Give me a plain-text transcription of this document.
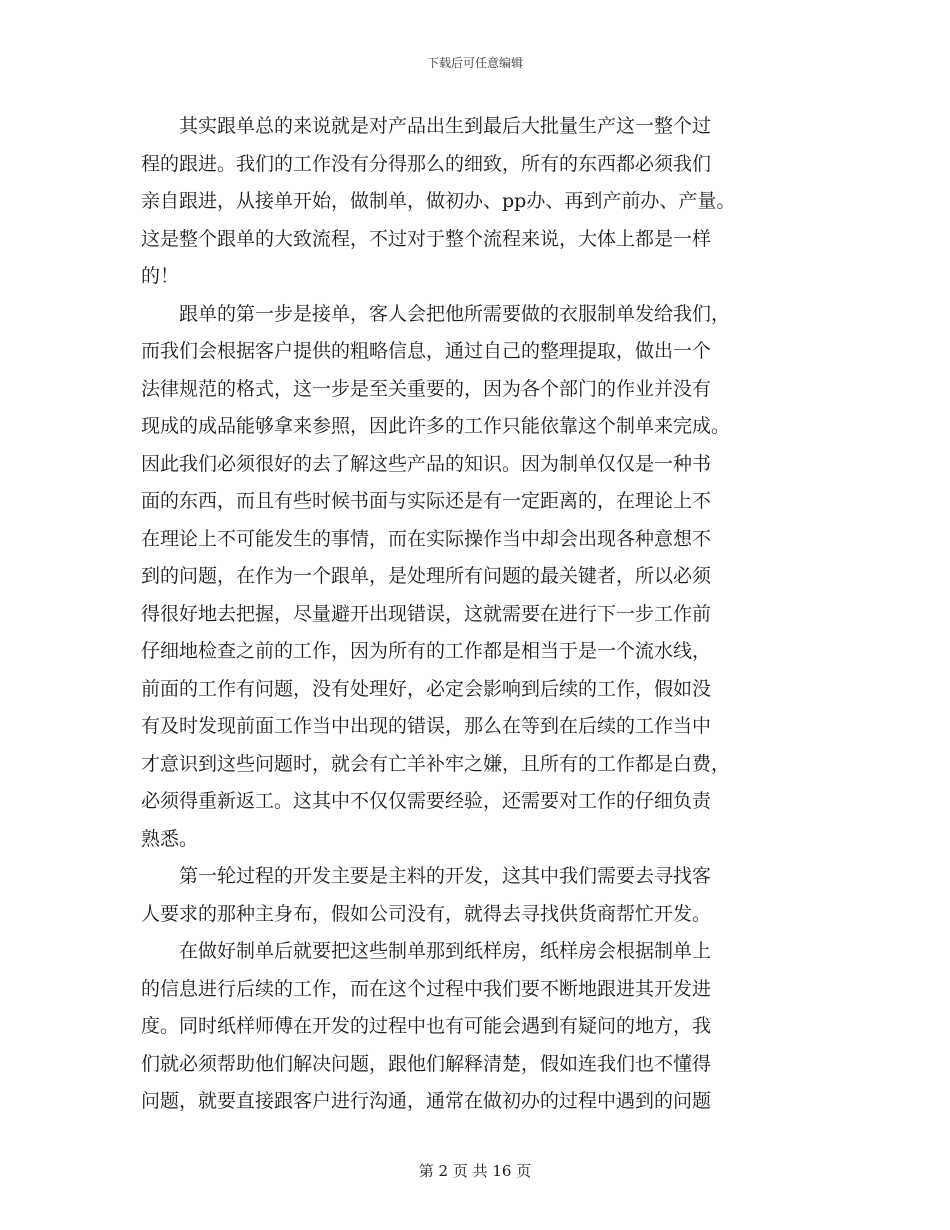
下载后可任意编辑
　　其实跟单总的来说就是对产品出生到最后大批量生产这一整个过
程的跟进。我们的工作没有分得那么的细致，所有的东西都必须我们
亲自跟进，从接单开始，做制单，做初办、pp办、再到产前办、产量。
这是整个跟单的大致流程，不过对于整个流程来说，大体上都是一样
的！
　　跟单的第一步是接单，客人会把他所需要做的衣服制单发给我们，
而我们会根据客户提供的粗略信息，通过自己的整理提取，做出一个
法律规范的格式，这一步是至关重要的，因为各个部门的作业并没有
现成的成品能够拿来参照，因此许多的工作只能依靠这个制单来完成。
因此我们必须很好的去了解这些产品的知识。因为制单仅仅是一种书
面的东西，而且有些时候书面与实际还是有一定距离的，在理论上不
在理论上不可能发生的事情，而在实际操作当中却会出现各种意想不
到的问题，在作为一个跟单，是处理所有问题的最关键者，所以必须
得很好地去把握，尽量避开出现错误，这就需要在进行下一步工作前
仔细地检查之前的工作，因为所有的工作都是相当于是一个流水线，
前面的工作有问题，没有处理好，必定会影响到后续的工作，假如没
有及时发现前面工作当中出现的错误，那么在等到在后续的工作当中
才意识到这些问题时，就会有亡羊补牢之嫌，且所有的工作都是白费，
必须得重新返工。这其中不仅仅需要经验，还需要对工作的仔细负责
熟悉。
　　第一轮过程的开发主要是主料的开发，这其中我们需要去寻找客
人要求的那种主身布，假如公司没有，就得去寻找供货商帮忙开发。
　　在做好制单后就要把这些制单那到纸样房，纸样房会根据制单上
的信息进行后续的工作，而在这个过程中我们要不断地跟进其开发进
度。同时纸样师傅在开发的过程中也有可能会遇到有疑问的地方，我
们就必须帮助他们解决问题，跟他们解释清楚，假如连我们也不懂得
问题，就要直接跟客户进行沟通，通常在做初办的过程中遇到的问题
第 2 页 共 16 页
